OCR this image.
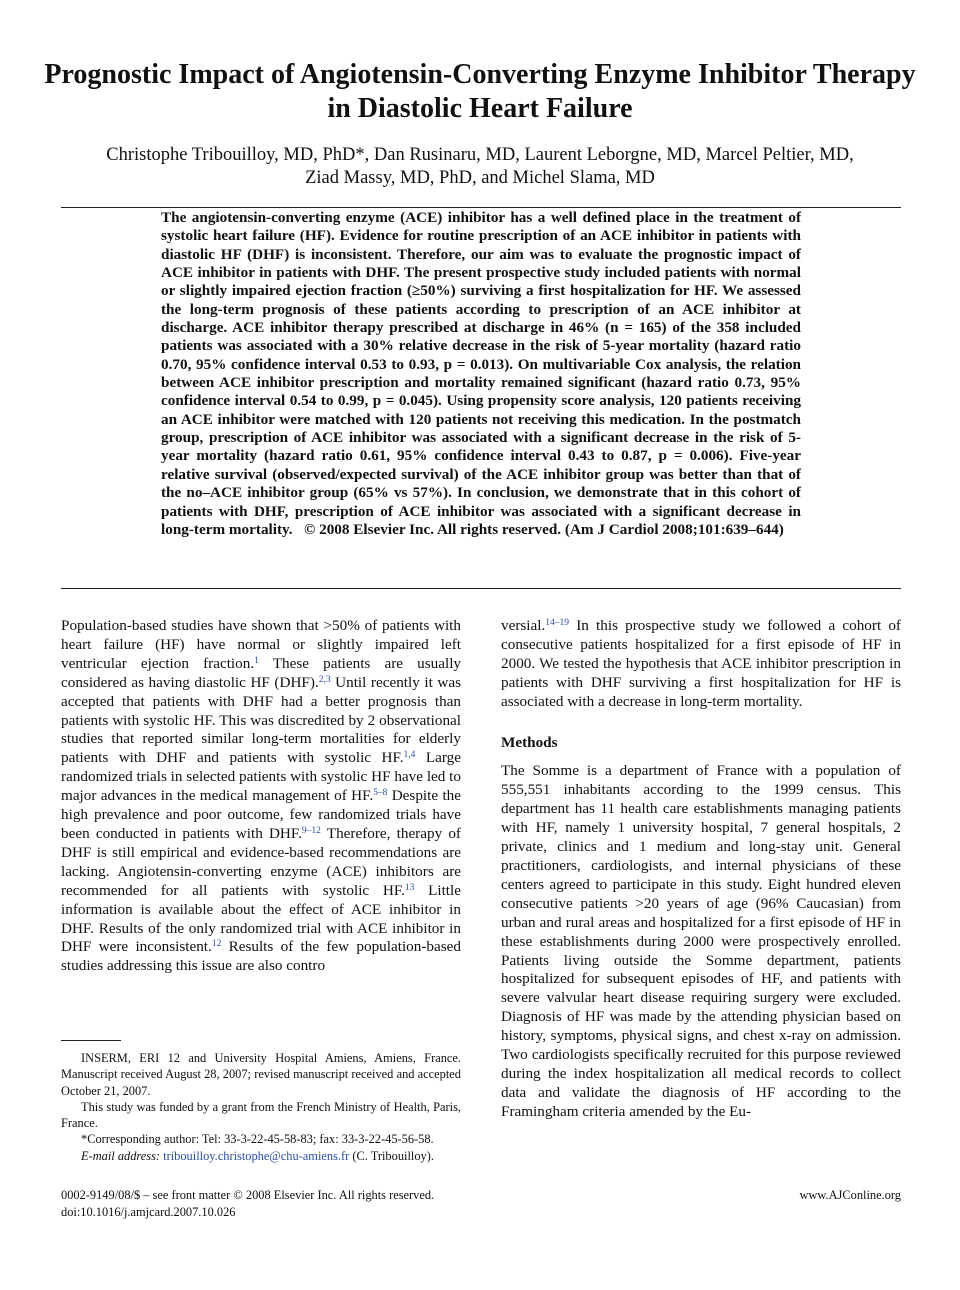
Prognostic Impact of Angiotensin-Converting Enzyme Inhibitor Therapy in Diastolic Heart Failure
Christophe Tribouilloy, MD, PhD*, Dan Rusinaru, MD, Laurent Leborgne, MD, Marcel Peltier, MD,
Ziad Massy, MD, PhD, and Michel Slama, MD

The angiotensin-converting enzyme (ACE) inhibitor has a well defined place in the treatment of systolic heart failure (HF). Evidence for routine prescription of an ACE inhibitor in patients with diastolic HF (DHF) is inconsistent. Therefore, our aim was to evaluate the prognostic impact of ACE inhibitor in patients with DHF. The present prospective study included patients with normal or slightly impaired ejection fraction (≥50%) surviving a first hospitalization for HF. We assessed the long-term prognosis of these patients according to prescription of an ACE inhibitor at discharge. ACE inhibitor therapy prescribed at discharge in 46% (n = 165) of the 358 included patients was associated with a 30% relative decrease in the risk of 5-year mortality (hazard ratio 0.70, 95% confidence interval 0.53 to 0.93, p = 0.013). On multivariable Cox analysis, the relation between ACE inhibitor prescription and mortality remained significant (hazard ratio 0.73, 95% confidence interval 0.54 to 0.99, p = 0.045). Using propensity score analysis, 120 patients receiving an ACE inhibitor were matched with 120 patients not receiving this medication. In the postmatch group, prescription of ACE inhibitor was associated with a significant decrease in the risk of 5-year mortality (hazard ratio 0.61, 95% confidence interval 0.43 to 0.87, p = 0.006). Five-year relative survival (observed/expected survival) of the ACE inhibitor group was better than that of the no–ACE inhibitor group (65% vs 57%). In conclusion, we demonstrate that in this cohort of patients with DHF, prescription of ACE inhibitor was associated with a significant decrease in long-term mortality.   © 2008 Elsevier Inc. All rights reserved. (Am J Cardiol 2008;101:639–644)

Population-based studies have shown that >50% of patients with heart failure (HF) have normal or slightly impaired left ventricular ejection fraction.$^1$ These patients are usually considered as having diastolic HF (DHF).$^{2,3}$ Until recently it was accepted that patients with DHF had a better prognosis than patients with systolic HF. This was discredited by 2 observational studies that reported similar long-term mortalities for elderly patients with DHF and patients with systolic HF.$^{1,4}$ Large randomized trials in selected patients with systolic HF have led to major advances in the medical management of HF.$^{5-8}$ Despite the high prevalence and poor outcome, few randomized trials have been conducted in patients with DHF.$^{9-12}$ Therefore, therapy of DHF is still empirical and evidence-based recommendations are lacking. Angiotensin-converting enzyme (ACE) inhibitors are recommended for all patients with systolic HF.$^{13}$ Little information is available about the effect of ACE inhibitor in DHF. Results of the only randomized trial with ACE inhibitor in DHF were inconsistent.$^{12}$ Results of the few population-based studies addressing this issue are also contro

versial.$^{14-19}$ In this prospective study we followed a cohort of consecutive patients hospitalized for a first episode of HF in 2000. We tested the hypothesis that ACE inhibitor prescription in patients with DHF surviving a first hospitalization for HF is associated with a decrease in long-term mortality.

Methods

The Somme is a department of France with a population of 555,551 inhabitants according to the 1999 census. This department has 11 health care establishments managing patients with HF, namely 1 university hospital, 7 general hospitals, 2 private, clinics and 1 medium and long-stay unit. General practitioners, cardiologists, and internal physicians of these centers agreed to participate in this study. Eight hundred eleven consecutive patients >20 years of age (96% Caucasian) from urban and rural areas and hospitalized for a first episode of HF in these establishments during 2000 were prospectively enrolled. Patients living outside the Somme department, patients hospitalized for subsequent episodes of HF, and patients with severe valvular heart disease requiring surgery were excluded. Diagnosis of HF was made by the attending physician based on history, symptoms, physical signs, and chest x-ray on admission. Two cardiologists specifically recruited for this purpose reviewed during the index hospitalization all medical records to collect data and validate the diagnosis of HF according to the Framingham criteria amended by the Eu-

INSERM, ERI 12 and University Hospital Amiens, Amiens, France. Manuscript received August 28, 2007; revised manuscript received and accepted October 21, 2007.

This study was funded by a grant from the French Ministry of Health, Paris, France.

*Corresponding author: Tel: 33-3-22-45-58-83; fax: 33-3-22-45-56-58.

E-mail address: tribouilloy.christophe@chu-amiens.fr (C. Tribouilloy).

0002-9149/08/$ – see front matter © 2008 Elsevier Inc. All rights reserved.
doi:10.1016/j.amjcard.2007.10.026
www.AJConline.org
